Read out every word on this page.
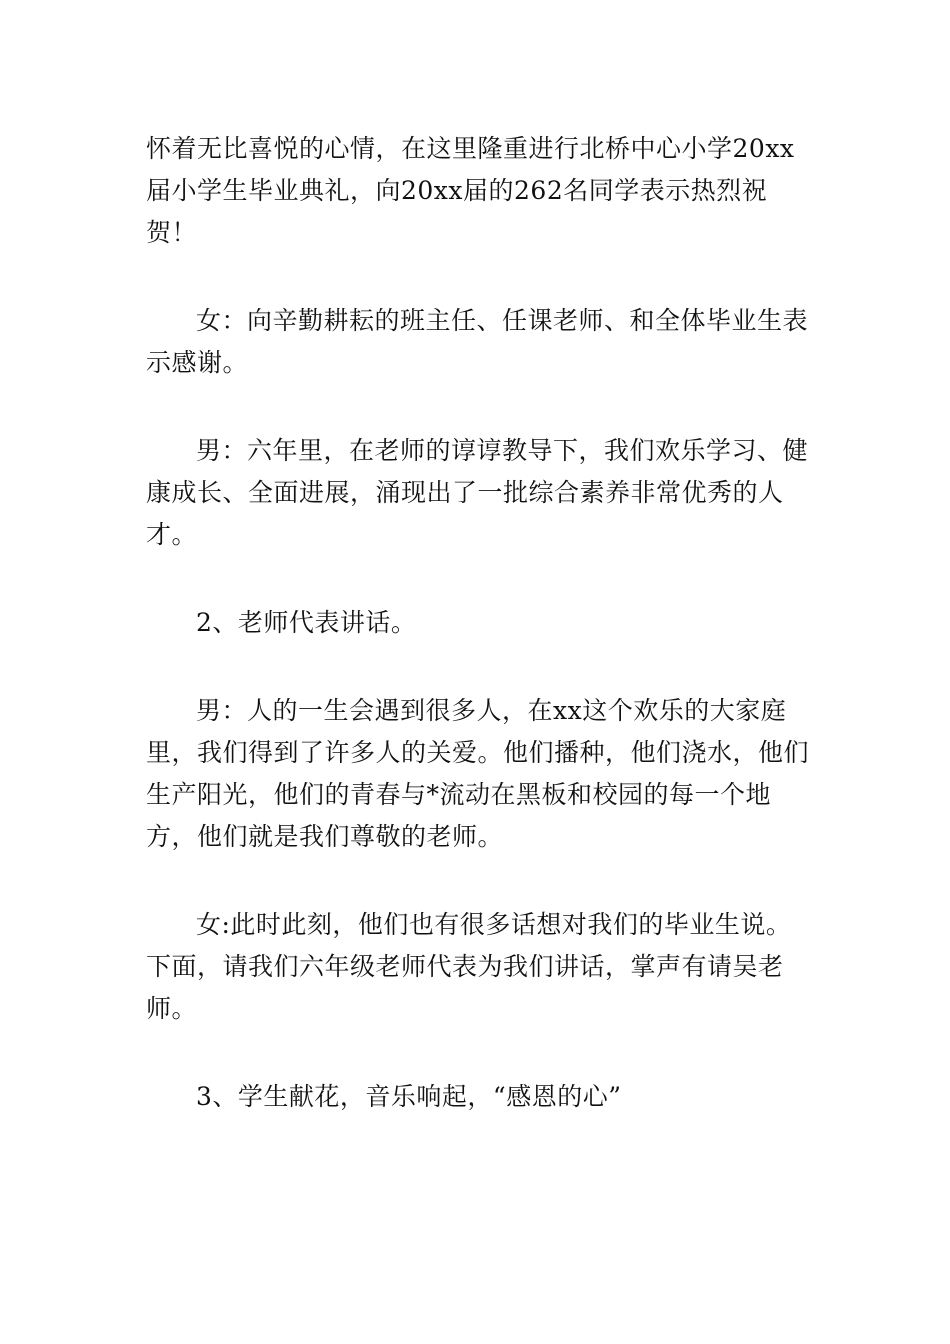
怀着无比喜悦的心情，在这里隆重进行北桥中心小学20xx届小学生毕业典礼，向20xx届的262名同学表示热烈祝贺！

女：向辛勤耕耘的班主任、任课老师、和全体毕业生表示感谢。

男：六年里，在老师的谆谆教导下，我们欢乐学习、健康成长、全面进展，涌现出了一批综合素养非常优秀的人才。

2、老师代表讲话。

男：人的一生会遇到很多人，在xx这个欢乐的大家庭里，我们得到了许多人的关爱。他们播种，他们浇水，他们生产阳光，他们的青春与*流动在黑板和校园的每一个地方，他们就是我们尊敬的老师。

女:此时此刻，他们也有很多话想对我们的毕业生说。下面，请我们六年级老师代表为我们讲话，掌声有请吴老师。

3、学生献花，音乐响起，“感恩的心”
